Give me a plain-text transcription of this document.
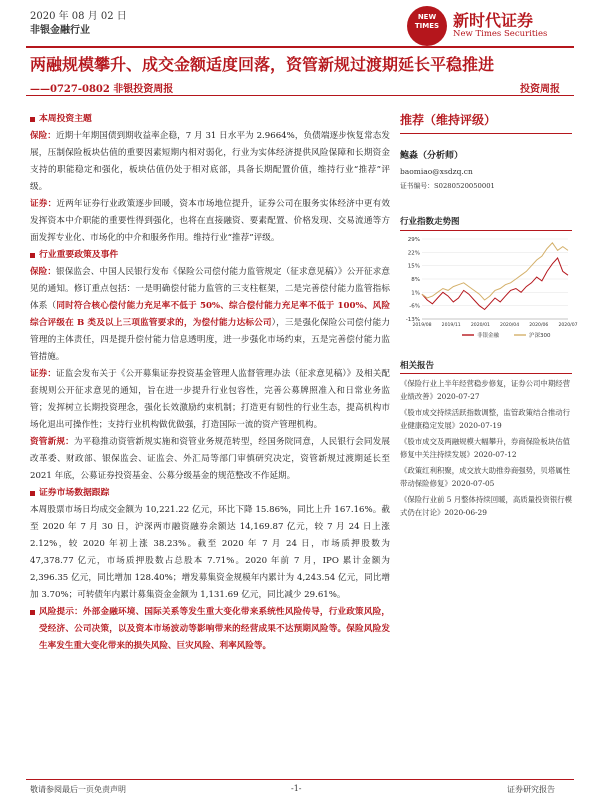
2020 年 08 月 02 日
非银金融行业
NEW
TIMES 新时代证券
New Times Securities
两融规模攀升、成交金额适度回落，资管新规过渡期延长平稳推进
——0727-0802 非银投资周报	投资周报
本周投资主题
保险：近期十年期国债到期收益率企稳，7 月 31 日水平为 2.9664%，负债端逐步恢复常态发展，压制保险板块估值的重要因素短期内相对弱化，行业为实体经济提供风险保障和长期资金支持的职能稳定和强化，板块估值仍处于相对底部，具备长期配置价值，维持行业“推荐”评级。
证券：近两年证券行业政策逐步回暖，资本市场地位提升，证券公司在服务实体经济中更有效发挥资本中介职能的重要性得到强化，也将在直接融资、要素配置、价格发现、交易流通等方面发挥专业化、市场化的中介和服务作用。维持行业“推荐”评级。
行业重要政策及事件
保险：银保监会、中国人民银行发布《保险公司偿付能力监管规定（征求意见稿）》公开征求意见的通知。修订重点包括：一是明确偿付能力监管的三支柱框架，二是完善偿付能力监管指标体系（同时符合核心偿付能力充足率不低于 50%、综合偿付能力充足率不低于 100%、风险综合评级在 B 类及以上三项监管要求的，为偿付能力达标公司），三是强化保险公司偿付能力管理的主体责任，四是提升偿付能力信息透明度，进一步强化市场约束，五是完善偿付能力监管措施。
证券：证监会发布关于《公开募集证券投资基金管理人监督管理办法（征求意见稿）》及相关配套规则公开征求意见的通知，旨在进一步提升行业包容性，完善公募牌照准入和日常业务监管；发挥树立长期投资理念，强化长效激励约束机制；打造更有韧性的行业生态，提高机构市场化退出可操作性；支持行业机构做优做强，打造国际一流的资产管理机构。
资管新规：为平稳推动资管新规实施和资管业务规范转型，经国务院同意，人民银行会同发展改革委、财政部、银保监会、证监会、外汇局等部门审慎研究决定，资管新规过渡期延长至 2021 年底，公募证券投资基金、公募分级基金的规范整改不作延期。
证券市场数据跟踪
本周股票市场日均成交金额为 10,221.22 亿元，环比下降 15.86%，同比上升 167.16%。截至 2020 年 7 月 30 日，沪深两市融资融券余额达 14,169.87 亿元，较 7 月 24 日上涨 2.12%，较 2020 年初上涨 38.23%。截至 2020 年 7 月 24 日，市场质押股数为 47,378.77 亿元，市场质押股数占总股本 7.71%。2020 年前 7 月，IPO 累计金额为 2,396.35 亿元，同比增加 128.40%；增发募集资金规模年内累计为 4,243.54 亿元，同比增加 3.70%；可转债年内累计募集资金金额为 1,131.69 亿元，同比减少 29.61%。
风险提示：外部金融环境、国际关系等发生重大变化带来系统性风险传导，行业政策风险，受经济、公司决策，以及资本市场波动等影响带来的经营成果不达预期风险等。保险风险发生率发生重大变化带来的损失风险、巨灾风险、利率风险等。
推荐（维持评级）
鲍淼（分析师）
baomiao@xsdzq.cn
证书编号：S0280520050001
行业指数走势图
29%
22%
15%
8%
1%
-6%
-13%
2019/08 2019/11 2020/01 2020/04 2020/06 2020/07
非银金融	沪深300
相关报告
《保险行业上半年经营稳步修复，证券公司中期经营业绩改善》2020-07-27
《股市成交持续活跃指数调整，监管政策结合推动行业健康稳定发展》2020-07-19
《股市成交及两融规模大幅攀升，券商保险板块估值修复中关注持续发展》2020-07-12
《政策红利积聚，成交放大助推券商强势，贝塔属性带动保险修复》2020-07-05
《保险行业前 5 月整体持续回暖，高质量投资银行模式仍在讨论》2020-06-29
敬请参阅最后一页免责声明	-1-	证券研究报告
